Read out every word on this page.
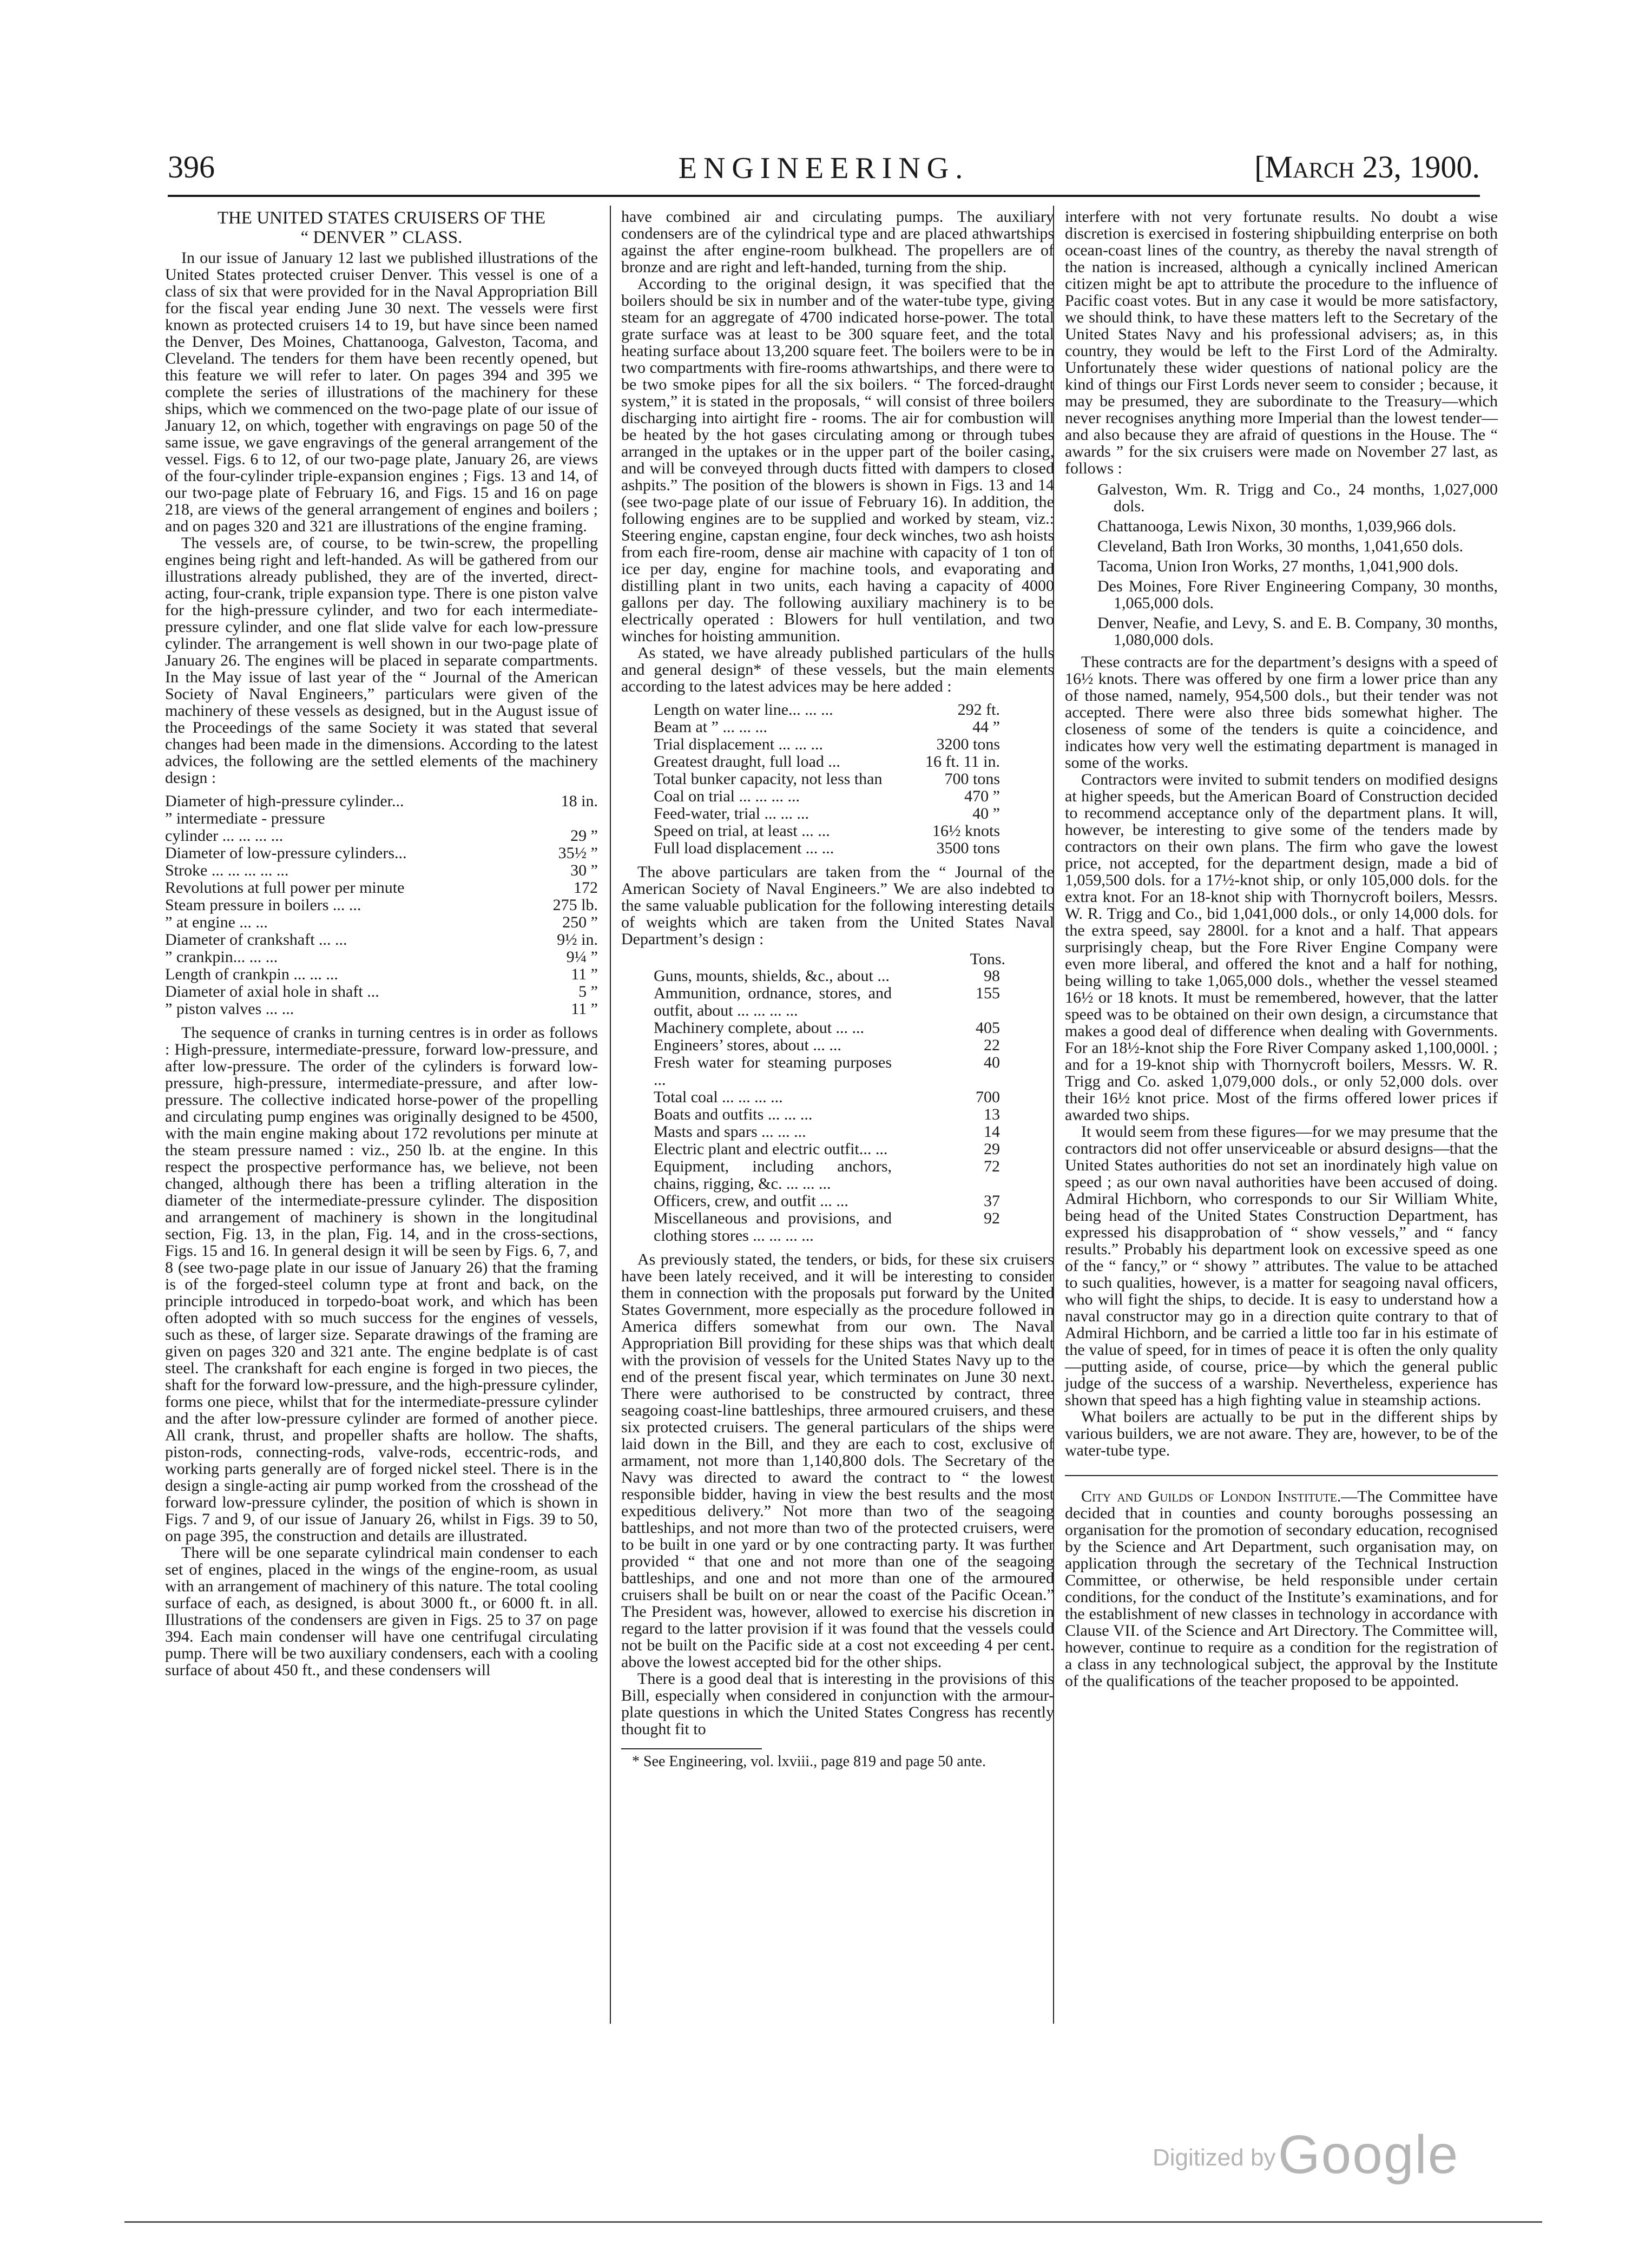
396	ENGINEERING.	[March 23, 1900.
THE UNITED STATES CRUISERS OF THE
“ DENVER ” CLASS.

In our issue of January 12 last we published illustrations of the United States protected cruiser Denver. This vessel is one of a class of six that were provided for in the Naval Appropriation Bill for the fiscal year ending June 30 next. The vessels were first known as protected cruisers 14 to 19, but have since been named the Denver, Des Moines, Chattanooga, Galveston, Tacoma, and Cleveland. The tenders for them have been recently opened, but this feature we will refer to later. On pages 394 and 395 we complete the series of illustrations of the machinery for these ships, which we commenced on the two-page plate of our issue of January 12, on which, together with engravings on page 50 of the same issue, we gave engravings of the general arrangement of the vessel. Figs. 6 to 12, of our two-page plate, January 26, are views of the four-cylinder triple-expansion engines ; Figs. 13 and 14, of our two-page plate of February 16, and Figs. 15 and 16 on page 218, are views of the general arrangement of engines and boilers ; and on pages 320 and 321 are illustrations of the engine framing.

The vessels are, of course, to be twin-screw, the propelling engines being right and left-handed. As will be gathered from our illustrations already published, they are of the inverted, direct-acting, four-crank, triple expansion type. There is one piston valve for the high-pressure cylinder, and two for each intermediate-pressure cylinder, and one flat slide valve for each low-pressure cylinder. The arrangement is well shown in our two-page plate of January 26. The engines will be placed in separate compartments. In the May issue of last year of the “ Journal of the American Society of Naval Engineers,” particulars were given of the machinery of these vessels as designed, but in the August issue of the Proceedings of the same Society it was stated that several changes had been made in the dimensions. According to the latest advices, the following are the settled elements of the machinery design :

Diameter of high-pressure cylinder...	18 in.
” intermediate - pressure	
cylinder ... ... ... ...	29 ”
Diameter of low-pressure cylinders...	35½ ”
Stroke ... ... ... ... ...	30 ”
Revolutions at full power per minute	172
Steam pressure in boilers ... ...	275 lb.
” at engine ... ...	250 ”
Diameter of crankshaft ... ...	9½ in.
” crankpin... ... ...	9¼ ”
Length of crankpin ... ... ...	11 ”
Diameter of axial hole in shaft ...	5 ”
” piston valves ... ...	11 ”

The sequence of cranks in turning centres is in order as follows : High-pressure, intermediate-pressure, forward low-pressure, and after low-pressure. The order of the cylinders is forward low-pressure, high-pressure, intermediate-pressure, and after low-pressure. The collective indicated horse-power of the propelling and circulating pump engines was originally designed to be 4500, with the main engine making about 172 revolutions per minute at the steam pressure named : viz., 250 lb. at the engine. In this respect the prospective performance has, we believe, not been changed, although there has been a trifling alteration in the diameter of the intermediate-pressure cylinder. The disposition and arrangement of machinery is shown in the longitudinal section, Fig. 13, in the plan, Fig. 14, and in the cross-sections, Figs. 15 and 16. In general design it will be seen by Figs. 6, 7, and 8 (see two-page plate in our issue of January 26) that the framing is of the forged-steel column type at front and back, on the principle introduced in torpedo-boat work, and which has been often adopted with so much success for the engines of vessels, such as these, of larger size. Separate drawings of the framing are given on pages 320 and 321 ante. The engine bedplate is of cast steel. The crankshaft for each engine is forged in two pieces, the shaft for the forward low-pressure, and the high-pressure cylinder, forms one piece, whilst that for the intermediate-pressure cylinder and the after low-pressure cylinder are formed of another piece. All crank, thrust, and propeller shafts are hollow. The shafts, piston-rods, connecting-rods, valve-rods, eccentric-rods, and working parts generally are of forged nickel steel. There is in the design a single-acting air pump worked from the crosshead of the forward low-pressure cylinder, the position of which is shown in Figs. 7 and 9, of our issue of January 26, whilst in Figs. 39 to 50, on page 395, the construction and details are illustrated.

There will be one separate cylindrical main condenser to each set of engines, placed in the wings of the engine-room, as usual with an arrangement of machinery of this nature. The total cooling surface of each, as designed, is about 3000 ft., or 6000 ft. in all. Illustrations of the condensers are given in Figs. 25 to 37 on page 394. Each main condenser will have one centrifugal circulating pump. There will be two auxiliary condensers, each with a cooling surface of about 450 ft., and these condensers will

have combined air and circulating pumps. The auxiliary condensers are of the cylindrical type and are placed athwartships against the after engine-room bulkhead. The propellers are of bronze and are right and left-handed, turning from the ship.

According to the original design, it was specified that the boilers should be six in number and of the water-tube type, giving steam for an aggregate of 4700 indicated horse-power. The total grate surface was at least to be 300 square feet, and the total heating surface about 13,200 square feet. The boilers were to be in two compartments with fire-rooms athwartships, and there were to be two smoke pipes for all the six boilers. “ The forced-draught system,” it is stated in the proposals, “ will consist of three boilers discharging into airtight fire - rooms. The air for combustion will be heated by the hot gases circulating among or through tubes arranged in the uptakes or in the upper part of the boiler casing, and will be conveyed through ducts fitted with dampers to closed ashpits.” The position of the blowers is shown in Figs. 13 and 14 (see two-page plate of our issue of February 16). In addition, the following engines are to be supplied and worked by steam, viz.: Steering engine, capstan engine, four deck winches, two ash hoists from each fire-room, dense air machine with capacity of 1 ton of ice per day, engine for machine tools, and evaporating and distilling plant in two units, each having a capacity of 4000 gallons per day. The following auxiliary machinery is to be electrically operated : Blowers for hull ventilation, and two winches for hoisting ammunition.

As stated, we have already published particulars of the hulls and general design* of these vessels, but the main elements according to the latest advices may be here added :

Length on water line... ... ...	292 ft.
Beam at ” ... ... ...	44 ”
Trial displacement ... ... ...	3200 tons
Greatest draught, full load ...	16 ft. 11 in.
Total bunker capacity, not less than	700 tons
Coal on trial ... ... ... ...	470 ”
Feed-water, trial ... ... ...	40 ”
Speed on trial, at least ... ...	16½ knots
Full load displacement ... ...	3500 tons

The above particulars are taken from the “ Journal of the American Society of Naval Engineers.” We are also indebted to the same valuable publication for the following interesting details of weights which are taken from the United States Naval Department’s design :

Tons.
Guns, mounts, shields, &c., about ...	98
Ammunition, ordnance, stores, and outfit, about ... ... ... ...	155
Machinery complete, about ... ...	405
Engineers’ stores, about ... ...	22
Fresh water for steaming purposes ...	40
Total coal ... ... ... ...	700
Boats and outfits ... ... ...	13
Masts and spars ... ... ...	14
Electric plant and electric outfit... ...	29
Equipment, including anchors, chains, rigging, &c. ... ... ...	72
Officers, crew, and outfit ... ...	37
Miscellaneous and provisions, and clothing stores ... ... ... ...	92

As previously stated, the tenders, or bids, for these six cruisers have been lately received, and it will be interesting to consider them in connection with the proposals put forward by the United States Government, more especially as the procedure followed in America differs somewhat from our own. The Naval Appropriation Bill providing for these ships was that which dealt with the provision of vessels for the United States Navy up to the end of the present fiscal year, which terminates on June 30 next. There were authorised to be constructed by contract, three seagoing coast-line battleships, three armoured cruisers, and these six protected cruisers. The general particulars of the ships were laid down in the Bill, and they are each to cost, exclusive of armament, not more than 1,140,800 dols. The Secretary of the Navy was directed to award the contract to “ the lowest responsible bidder, having in view the best results and the most expeditious delivery.” Not more than two of the seagoing battleships, and not more than two of the protected cruisers, were to be built in one yard or by one contracting party. It was further provided “ that one and not more than one of the seagoing battleships, and one and not more than one of the armoured cruisers shall be built on or near the coast of the Pacific Ocean.” The President was, however, allowed to exercise his discretion in regard to the latter provision if it was found that the vessels could not be built on the Pacific side at a cost not exceeding 4 per cent. above the lowest accepted bid for the other ships.

There is a good deal that is interesting in the provisions of this Bill, especially when considered in conjunction with the armour-plate questions in which the United States Congress has recently thought fit to

* See Engineering, vol. lxviii., page 819 and page 50 ante.

interfere with not very fortunate results. No doubt a wise discretion is exercised in fostering shipbuilding enterprise on both ocean-coast lines of the country, as thereby the naval strength of the nation is increased, although a cynically inclined American citizen might be apt to attribute the procedure to the influence of Pacific coast votes. But in any case it would be more satisfactory, we should think, to have these matters left to the Secretary of the United States Navy and his professional advisers; as, in this country, they would be left to the First Lord of the Admiralty. Unfortunately these wider questions of national policy are the kind of things our First Lords never seem to consider ; because, it may be presumed, they are subordinate to the Treasury—which never recognises anything more Imperial than the lowest tender—and also because they are afraid of questions in the House. The “ awards ” for the six cruisers were made on November 27 last, as follows :

Galveston, Wm. R. Trigg and Co., 24 months, 1,027,000 dols.

Chattanooga, Lewis Nixon, 30 months, 1,039,966 dols.

Cleveland, Bath Iron Works, 30 months, 1,041,650 dols.

Tacoma, Union Iron Works, 27 months, 1,041,900 dols.

Des Moines, Fore River Engineering Company, 30 months, 1,065,000 dols.

Denver, Neafie, and Levy, S. and E. B. Company, 30 months, 1,080,000 dols.

These contracts are for the department’s designs with a speed of 16½ knots. There was offered by one firm a lower price than any of those named, namely, 954,500 dols., but their tender was not accepted. There were also three bids somewhat higher. The closeness of some of the tenders is quite a coincidence, and indicates how very well the estimating department is managed in some of the works.

Contractors were invited to submit tenders on modified designs at higher speeds, but the American Board of Construction decided to recommend acceptance only of the department plans. It will, however, be interesting to give some of the tenders made by contractors on their own plans. The firm who gave the lowest price, not accepted, for the department design, made a bid of 1,059,500 dols. for a 17½-knot ship, or only 105,000 dols. for the extra knot. For an 18-knot ship with Thornycroft boilers, Messrs. W. R. Trigg and Co., bid 1,041,000 dols., or only 14,000 dols. for the extra speed, say 2800l. for a knot and a half. That appears surprisingly cheap, but the Fore River Engine Company were even more liberal, and offered the knot and a half for nothing, being willing to take 1,065,000 dols., whether the vessel steamed 16½ or 18 knots. It must be remembered, however, that the latter speed was to be obtained on their own design, a circumstance that makes a good deal of difference when dealing with Governments. For an 18½-knot ship the Fore River Company asked 1,100,000l. ; and for a 19-knot ship with Thornycroft boilers, Messrs. W. R. Trigg and Co. asked 1,079,000 dols., or only 52,000 dols. over their 16½ knot price. Most of the firms offered lower prices if awarded two ships.

It would seem from these figures—for we may presume that the contractors did not offer unserviceable or absurd designs—that the United States authorities do not set an inordinately high value on speed ; as our own naval authorities have been accused of doing. Admiral Hichborn, who corresponds to our Sir William White, being head of the United States Construction Department, has expressed his disapprobation of “ show vessels,” and “ fancy results.” Probably his department look on excessive speed as one of the “ fancy,” or “ showy ” attributes. The value to be attached to such qualities, however, is a matter for seagoing naval officers, who will fight the ships, to decide. It is easy to understand how a naval constructor may go in a direction quite contrary to that of Admiral Hichborn, and be carried a little too far in his estimate of the value of speed, for in times of peace it is often the only quality—putting aside, of course, price—by which the general public judge of the success of a warship. Nevertheless, experience has shown that speed has a high fighting value in steamship actions.

What boilers are actually to be put in the different ships by various builders, we are not aware. They are, however, to be of the water-tube type.

City and Guilds of London Institute.—The Committee have decided that in counties and county boroughs possessing an organisation for the promotion of secondary education, recognised by the Science and Art Department, such organisation may, on application through the secretary of the Technical Instruction Committee, or otherwise, be held responsible under certain conditions, for the conduct of the Institute’s examinations, and for the establishment of new classes in technology in accordance with Clause VII. of the Science and Art Directory. The Committee will, however, continue to require as a condition for the registration of a class in any technological subject, the approval by the Institute of the qualifications of the teacher proposed to be appointed.

Digitized by Google
